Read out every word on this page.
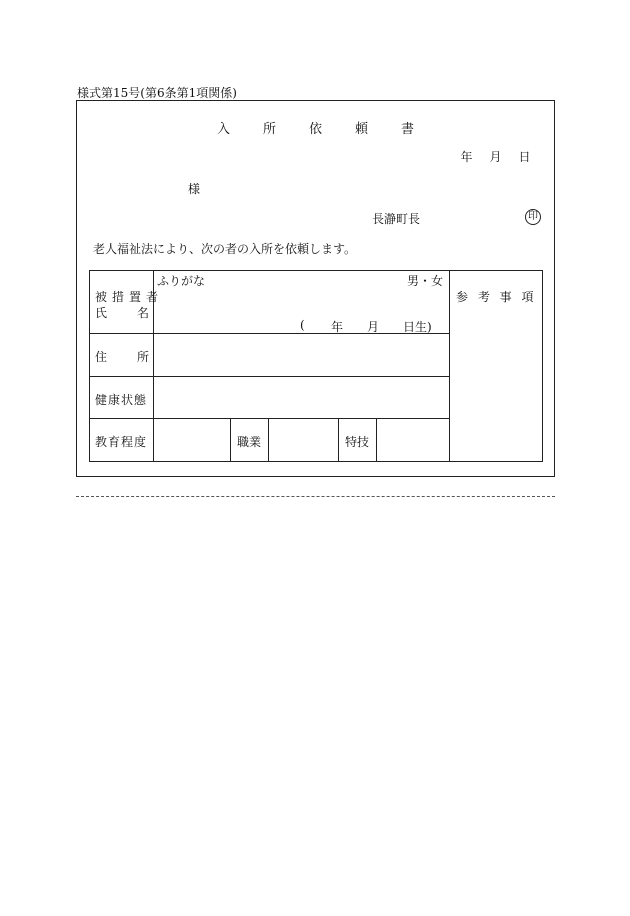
様式第15号(第6条第1項関係)
入	所	依	頼	書
年 月 日
様
長瀞町長	印
老人福祉法により、次の者の入所を依頼します。
被措置者
氏 名
ふりがな	男・女
( 年 月 日生)
住 所
健康状態
教育程度	職業	特技
参 考 事 項
